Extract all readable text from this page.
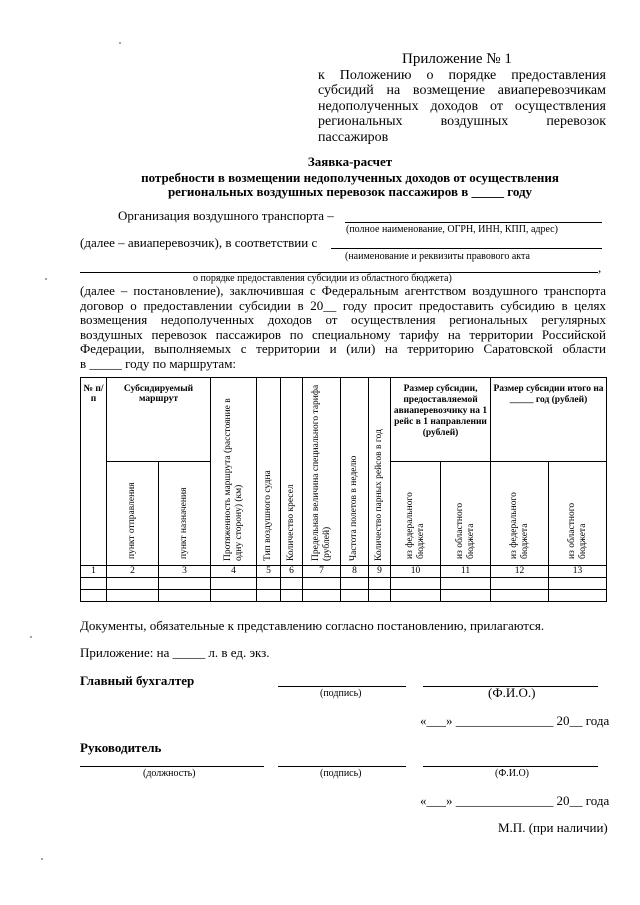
Приложение № 1
к Положению о порядке предоставления
субсидий на возмещение авиаперевозчикам
недополученных доходов от осуществления
региональных воздушных перевозок
пассажиров
Заявка-расчет
потребности в возмещении недополученных доходов от осуществления
региональных воздушных перевозок пассажиров в _____ году
Организация воздушного транспорта –
(полное наименование, ОГРН, ИНН, КПП, адрес)
(далее – авиаперевозчик), в соответствии с
(наименование и реквизиты правового акта
,
о порядке предоставления субсидии из областного бюджета)
(далее – постановление), заключившая с Федеральным агентством воздушного транспорта
договор о предоставлении субсидии в 20__ году просит предоставить субсидию в целях
возмещения недополученных доходов от осуществления региональных регулярных
воздушных перевозок пассажиров по специальному тарифу на территории Российской
Федерации, выполняемых с территории и (или) на территорию Саратовской области
в _____ году по маршрутам:
№ п/п	Субсидируемый маршрут		Протяженность маршрута (расстояние в одну сторону) (км)	Тип воздушного судна	Количество кресел	Предельная величина специального тарифа (рублей)	Частота полетов в неделю	Количество парных рейсов в год	Размер субсидии, предоставляемой авиаперевозчику на 1 рейс в 1 направлении (рублей)		Размер субсидии итого на _____ год (рублей)	

	пункт отправления	пункт назначения							из федерального бюджета	из областного бюджета	из федерального бюджета	из областного бюджета

1	2	3	4	5	6	7	8	9	10	11	12	13

Документы, обязательные к представлению согласно постановлению, прилагаются.
Приложение: на _____ л. в ед. экз.
Главный бухгалтер
(подпись)	(Ф.И.О.)
«___» _______________ 20__ года
Руководитель
(должность)	(подпись)	(Ф.И.О)
«___» _______________ 20__ года
М.П. (при наличии)
